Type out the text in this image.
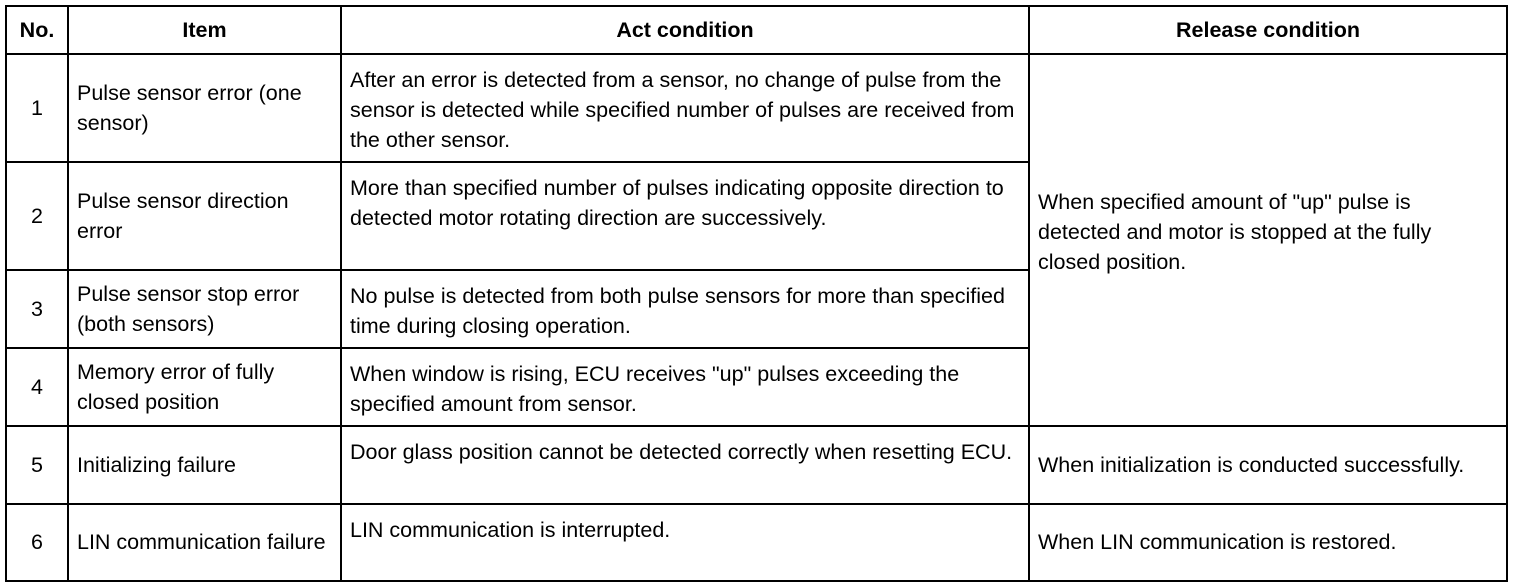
No.	Item	Act condition	Release condition
1	Pulse sensor error (one sensor)	After an error is detected from a sensor, no change of pulse from the sensor is detected while specified number of pulses are received from the other sensor.	When specified amount of "up" pulse is detected and motor is stopped at the fully closed position.
2	Pulse sensor direction error	More than specified number of pulses indicating opposite direction to detected motor rotating direction are successively.	
3	Pulse sensor stop error (both sensors)	No pulse is detected from both pulse sensors for more than specified time during closing operation.	
4	Memory error of fully closed position	When window is rising, ECU receives "up" pulses exceeding the specified amount from sensor.	
5	Initializing failure	Door glass position cannot be detected correctly when resetting ECU.	When initialization is conducted successfully.
6	LIN communication failure	LIN communication is interrupted.	When LIN communication is restored.
